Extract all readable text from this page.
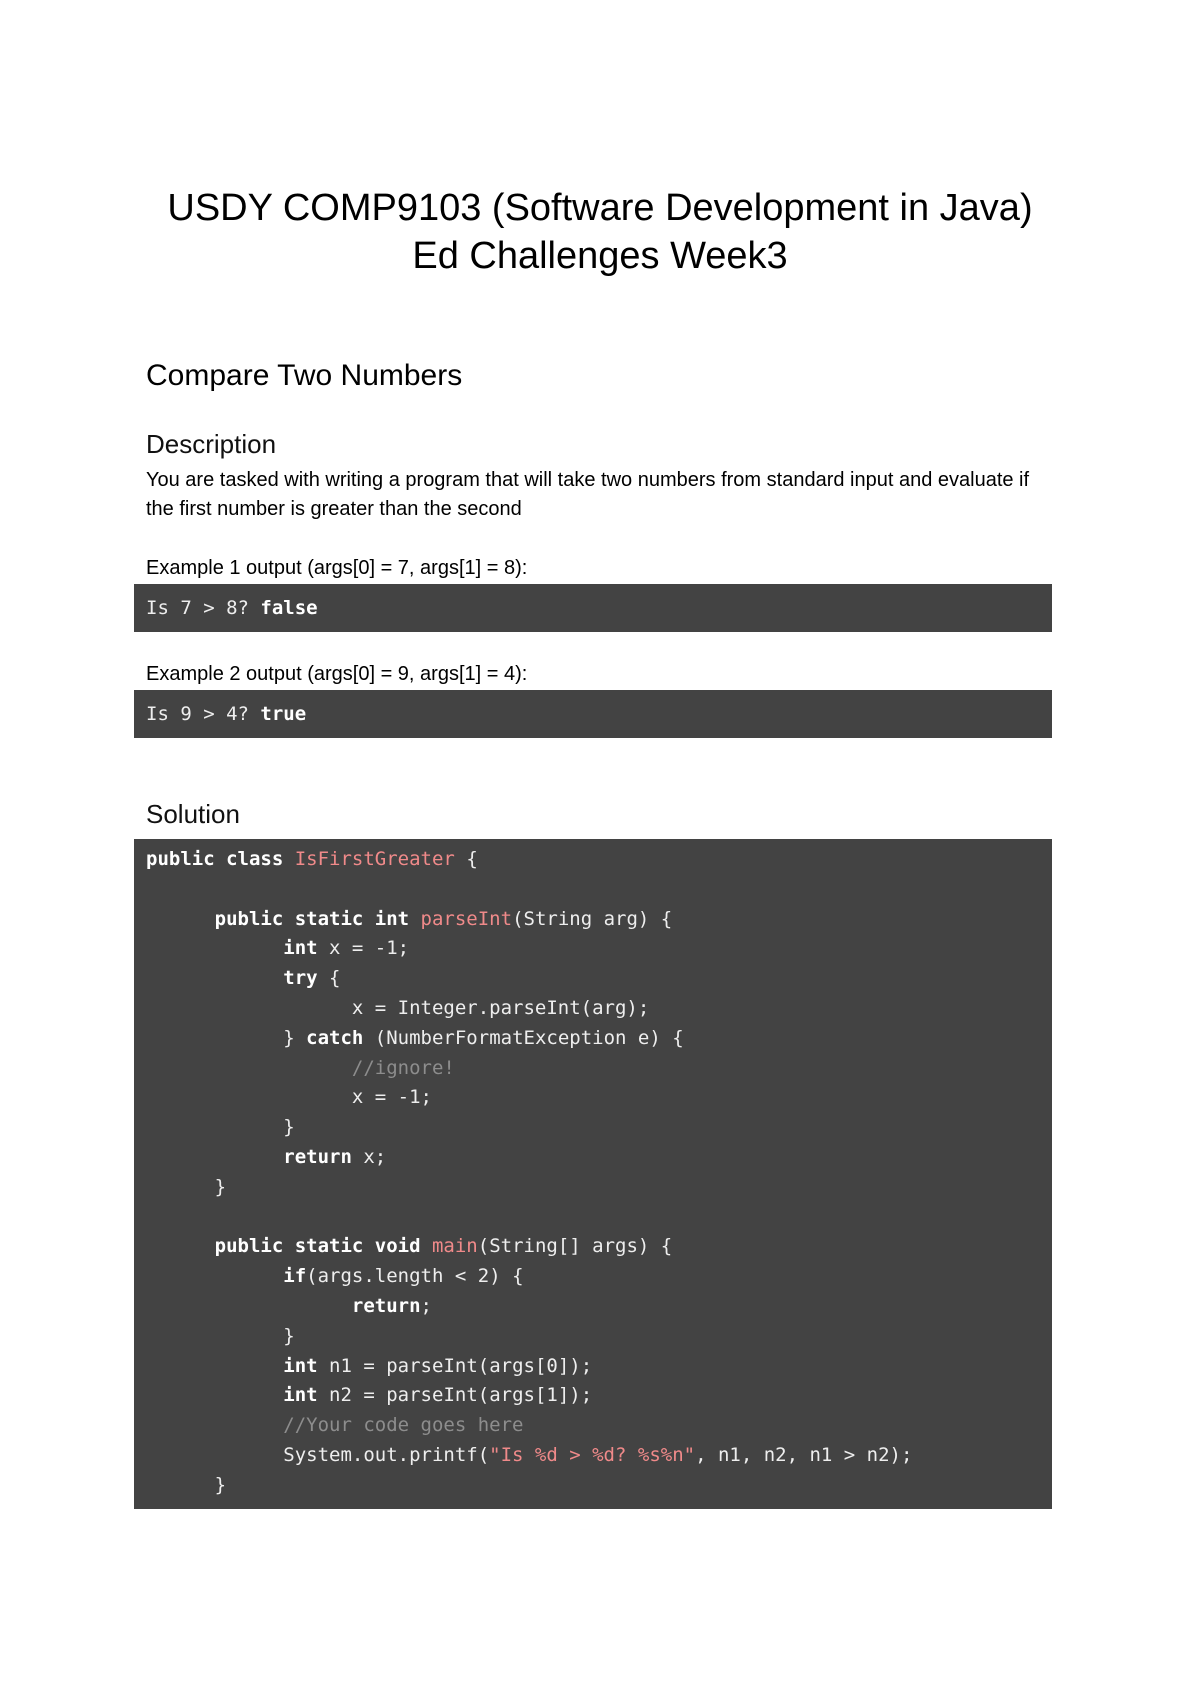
USDY COMP9103 (Software Development in Java) Ed Challenges Week3
Compare Two Numbers
Description

You are tasked with writing a program that will take two numbers from standard input and evaluate if the first number is greater than the second

Example 1 output (args[0] = 7, args[1] = 8):

Is 7 > 8? false

Example 2 output (args[0] = 9, args[1] = 4):

Is 9 > 4? true
Solution
public class IsFirstGreater {

public static int parseInt(String arg) {
int x = -1;
try {
x = Integer.parseInt(arg);
} catch (NumberFormatException e) {
//ignore!
x = -1;
}
return x;
}

public static void main(String[] args) {
if(args.length < 2) {
return;
}
int n1 = parseInt(args[0]);
int n2 = parseInt(args[1]);
//Your code goes here
System.out.printf("Is %d > %d? %s%n", n1, n2, n1 > n2);
}
